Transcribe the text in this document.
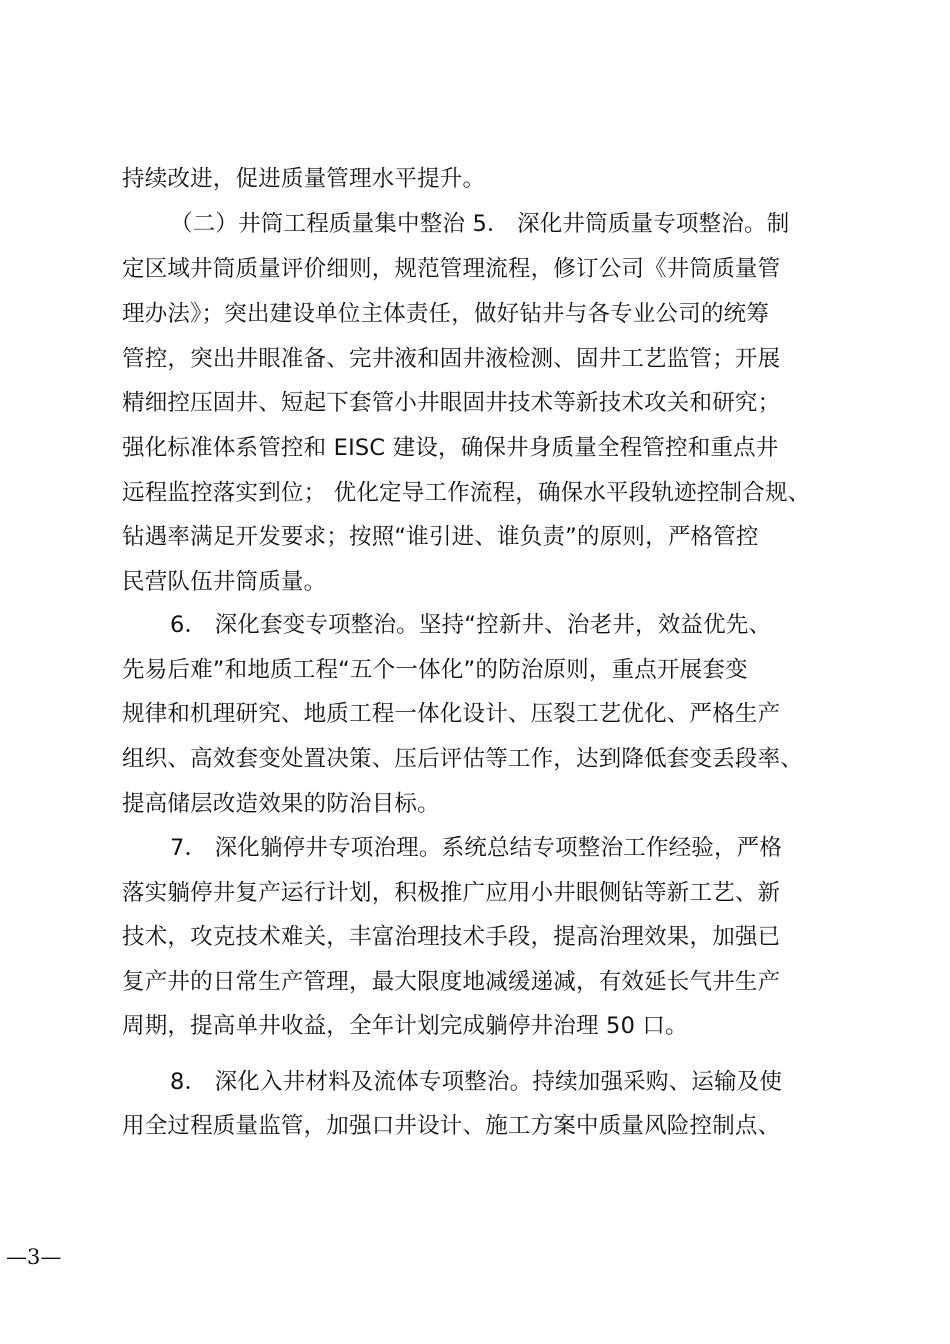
持续改进，促进质量管理水平提升。
（二）井筒工程质量集中整治 5． 深化井筒质量专项整治。制
定区域井筒质量评价细则，规范管理流程，修订公司《井筒质量管
理办法》；突出建设单位主体责任，做好钻井与各专业公司的统筹
管控，突出井眼准备、完井液和固井液检测、固井工艺监管；开展
精细控压固井、短起下套管小井眼固井技术等新技术攻关和研究；
强化标准体系管控和 EISC 建设，确保井身质量全程管控和重点井
远程监控落实到位； 优化定导工作流程，确保水平段轨迹控制合规、
钻遇率满足开发要求；按照“谁引进、谁负责”的原则，严格管控
民营队伍井筒质量。
6． 深化套变专项整治。坚持“控新井、治老井，效益优先、
先易后难”和地质工程“五个一体化”的防治原则，重点开展套变
规律和机理研究、地质工程一体化设计、压裂工艺优化、严格生产
组织、高效套变处置决策、压后评估等工作，达到降低套变丢段率、
提高储层改造效果的防治目标。
7． 深化躺停井专项治理。系统总结专项整治工作经验，严格
落实躺停井复产运行计划，积极推广应用小井眼侧钻等新工艺、新
技术，攻克技术难关，丰富治理技术手段，提高治理效果，加强已
复产井的日常生产管理，最大限度地减缓递减，有效延长气井生产
周期，提高单井收益，全年计划完成躺停井治理 50 口。
8． 深化入井材料及流体专项整治。持续加强采购、运输及使
用全过程质量监管，加强口井设计、施工方案中质量风险控制点、
—3—
